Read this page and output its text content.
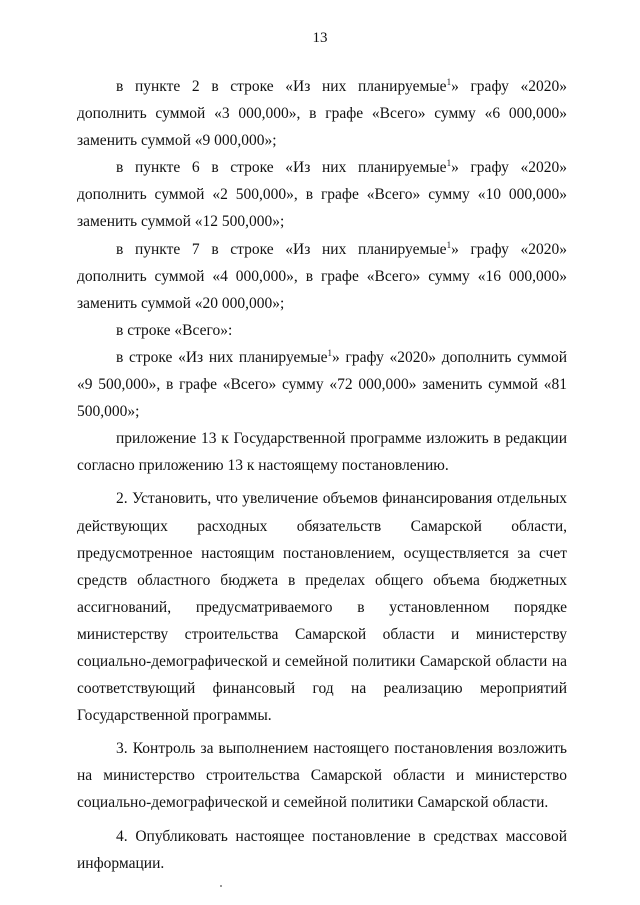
13

в пункте 2 в строке «Из них планируемые$^1$» графу «2020» дополнить суммой «3 000,000», в графе «Всего» сумму «6 000,000» заменить суммой «9 000,000»;

в пункте 6 в строке «Из них планируемые$^1$» графу «2020» дополнить суммой «2 500,000», в графе «Всего» сумму «10 000,000» заменить суммой «12 500,000»;

в пункте 7 в строке «Из них планируемые$^1$» графу «2020» дополнить суммой «4 000,000», в графе «Всего» сумму «16 000,000» заменить суммой «20 000,000»;

в строке «Всего»:

в строке «Из них планируемые$^1$» графу «2020» дополнить суммой «9 500,000», в графе «Всего» сумму «72 000,000» заменить суммой «81 500,000»;

приложение 13 к Государственной программе изложить в редакции согласно приложению 13 к настоящему постановлению.

2. Установить, что увеличение объемов финансирования отдельных действующих расходных обязательств Самарской области, предусмотренное настоящим постановлением, осуществляется за счет средств областного бюджета в пределах общего объема бюджетных ассигнований, предусматриваемого в установленном порядке министерству строительства Самарской области и министерству социально-демографической и семейной политики Самарской области на соответствующий финансовый год на реализацию мероприятий Государственной программы.

3. Контроль за выполнением настоящего постановления возложить на министерство строительства Самарской области и министерство социально-демографической и семейной политики Самарской области.

4. Опубликовать настоящее постановление в средствах массовой информации.
